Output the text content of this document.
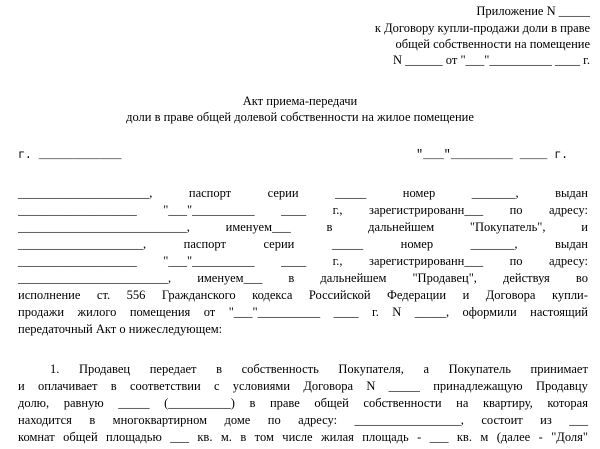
Приложение N _____
к Договору купли-продажи доли в праве
общей собственности на помещение
N ______ от "___"__________ ____ г.
Акт приема-передачи
доли в праве общей долевой собственности на жилое помещение
г. ____________	"___"_________ ____ г.
_____________________,	паспорт	серии	_____	номер	_______,	выдан
___________________ "___"__________ ____ г., зарегистрированн___ по адресу:
___________________________,	именуем___	в	дальнейшем	"Покупатель",	и
____________________,	паспорт	серии	_____	номер	_______,	выдан
___________________ "___"__________ ____ г., зарегистрированн___ по адресу:
________________________, именуем___ в дальнейшем "Продавец", действуя во
исполнение ст. 556 Гражданского кодекса Российской Федерации и Договора купли-
продажи жилого помещения от "___"__________ ____ г. N _____, оформили настоящий
передаточный Акт о нижеследующем:
1. Продавец передает в собственность Покупателя, а Покупатель принимает
и оплачивает в соответствии с условиями Договора N _____ принадлежащую Продавцу
долю, равную _____ (__________) в праве общей собственности на квартиру, которая
находится в многоквартирном доме по адресу: _________________, состоит из ___
комнат общей площадью ___ кв. м. в том числе жилая площадь - ___ кв. м (далее - "Доля"
